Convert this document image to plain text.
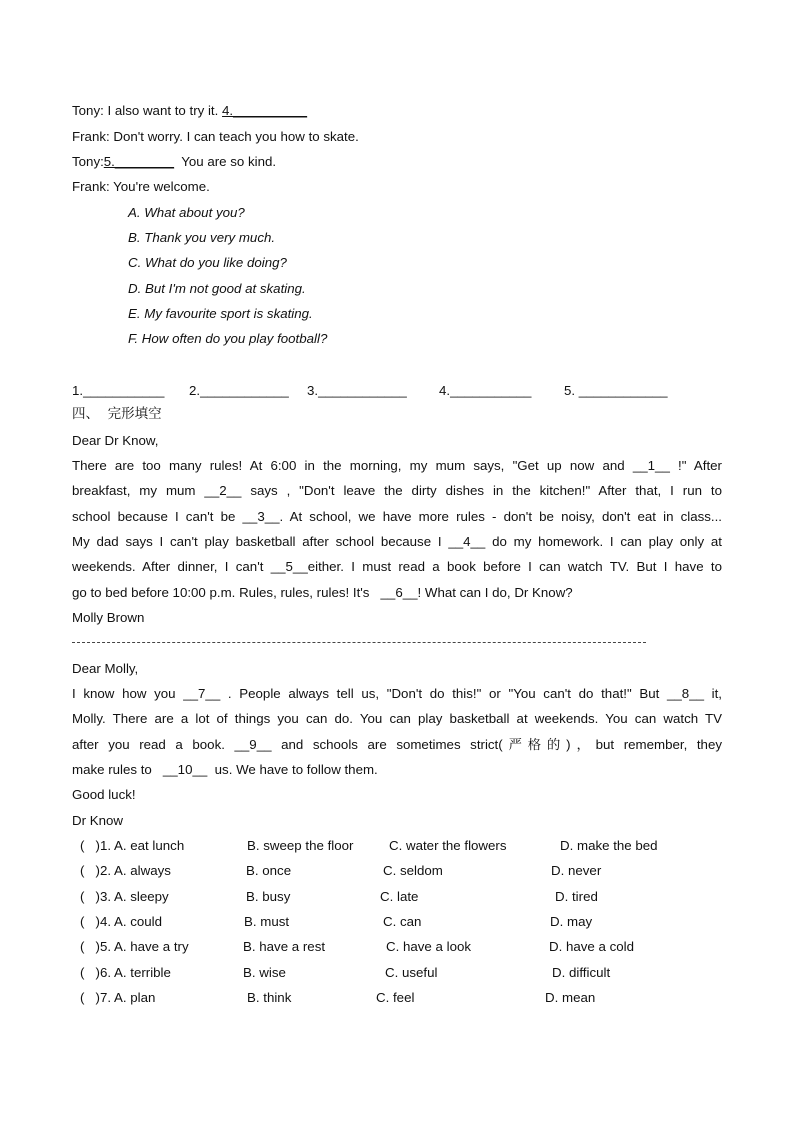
Tony: I also want to try it. 4.__________
Frank: Don't worry. I can teach you how to skate.
Tony:5.________  You are so kind.
Frank: You're welcome.
A. What about you?
B. Thank you very much.
C. What do you like doing?
D. But I'm not good at skating.
E. My favourite sport is skating.
F. How often do you play football?
1.___________ 2.____________ 3.____________ 4.___________ 5. ____________
四、  完形填空
Dear Dr Know,
There are too many rules! At 6:00 in the morning, my mum says, "Get up now and __1__ !" After
breakfast, my mum __2__ says , "Don't leave the dirty dishes in the kitchen!" After that, I run to
school because I can't be __3__. At school, we have more rules - don't be noisy, don't eat in class...
My dad says I can't play basketball after school because I __4__ do my homework. I can play only at
weekends. After dinner, I can't __5__either. I must read a book before I can watch TV. But I have to
go to bed before 10:00 p.m. Rules, rules, rules! It's   __6__! What can I do, Dr Know?
Molly Brown
Dear Molly,
I know how you __7__ . People always tell us, "Don't do this!" or "You can't do that!" But __8__ it,
Molly. There are a lot of things you can do. You can play basketball at weekends. You can watch TV
after you read a book. __9__ and schools are sometimes strict(严格的)，but remember, they
make rules to   __10__  us. We have to follow them.
Good luck!
Dr Know
(   )1. A. eat lunch	B. sweep the floor	C. water the flowers	D. make the bed
(   )2. A. always	B. once	C. seldom	D. never
(   )3. A. sleepy	B. busy	C. late	D. tired
(   )4. A. could	B. must	C. can	D. may
(   )5. A. have a try	B. have a rest	C. have a look	D. have a cold
(   )6. A. terrible	B. wise	C. useful	D. difficult
(   )7. A. plan	B. think	C. feel	D. mean
